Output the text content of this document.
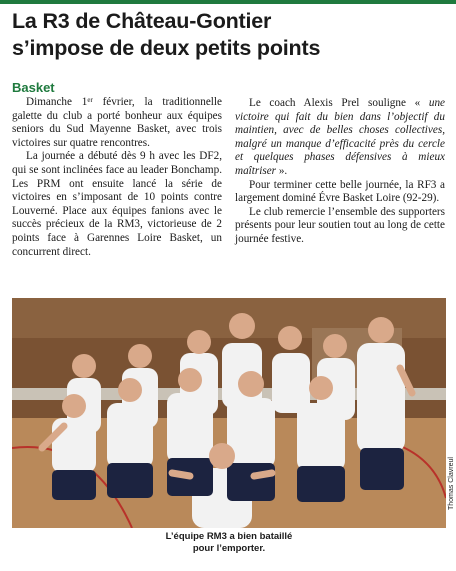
La R3 de Château-Gontier
s’impose de deux petits points
Basket

Dimanche 1er février, la traditionnelle galette du club a porté bonheur aux équipes seniors du Sud Mayenne Basket, avec trois victoires sur quatre rencontres.

La journée a débuté dès 9 h avec les DF2, qui se sont inclinées face au leader Bonchamp. Les PRM ont ensuite lancé la série de victoires en s’imposant de 10 points contre Louverné. Place aux équipes fanions avec le succès précieux de la RM3, victorieuse de 2 points face à Garennes Loire Basket, un concurrent direct.

Le coach Alexis Prel souligne « une victoire qui fait du bien dans l’objectif du maintien, avec de belles choses collectives, malgré un manque d’efficacité près du cercle et quelques phases défensives à mieux maîtriser ».

Pour terminer cette belle journée, la RF3 a largement dominé Évre Basket Loire (92-29).

Le club remercie l’ensemble des supporters présents pour leur soutien tout au long de cette journée festive.

Thomas Clavreul
L’équipe RM3 a bien bataillé
pour l’emporter.
